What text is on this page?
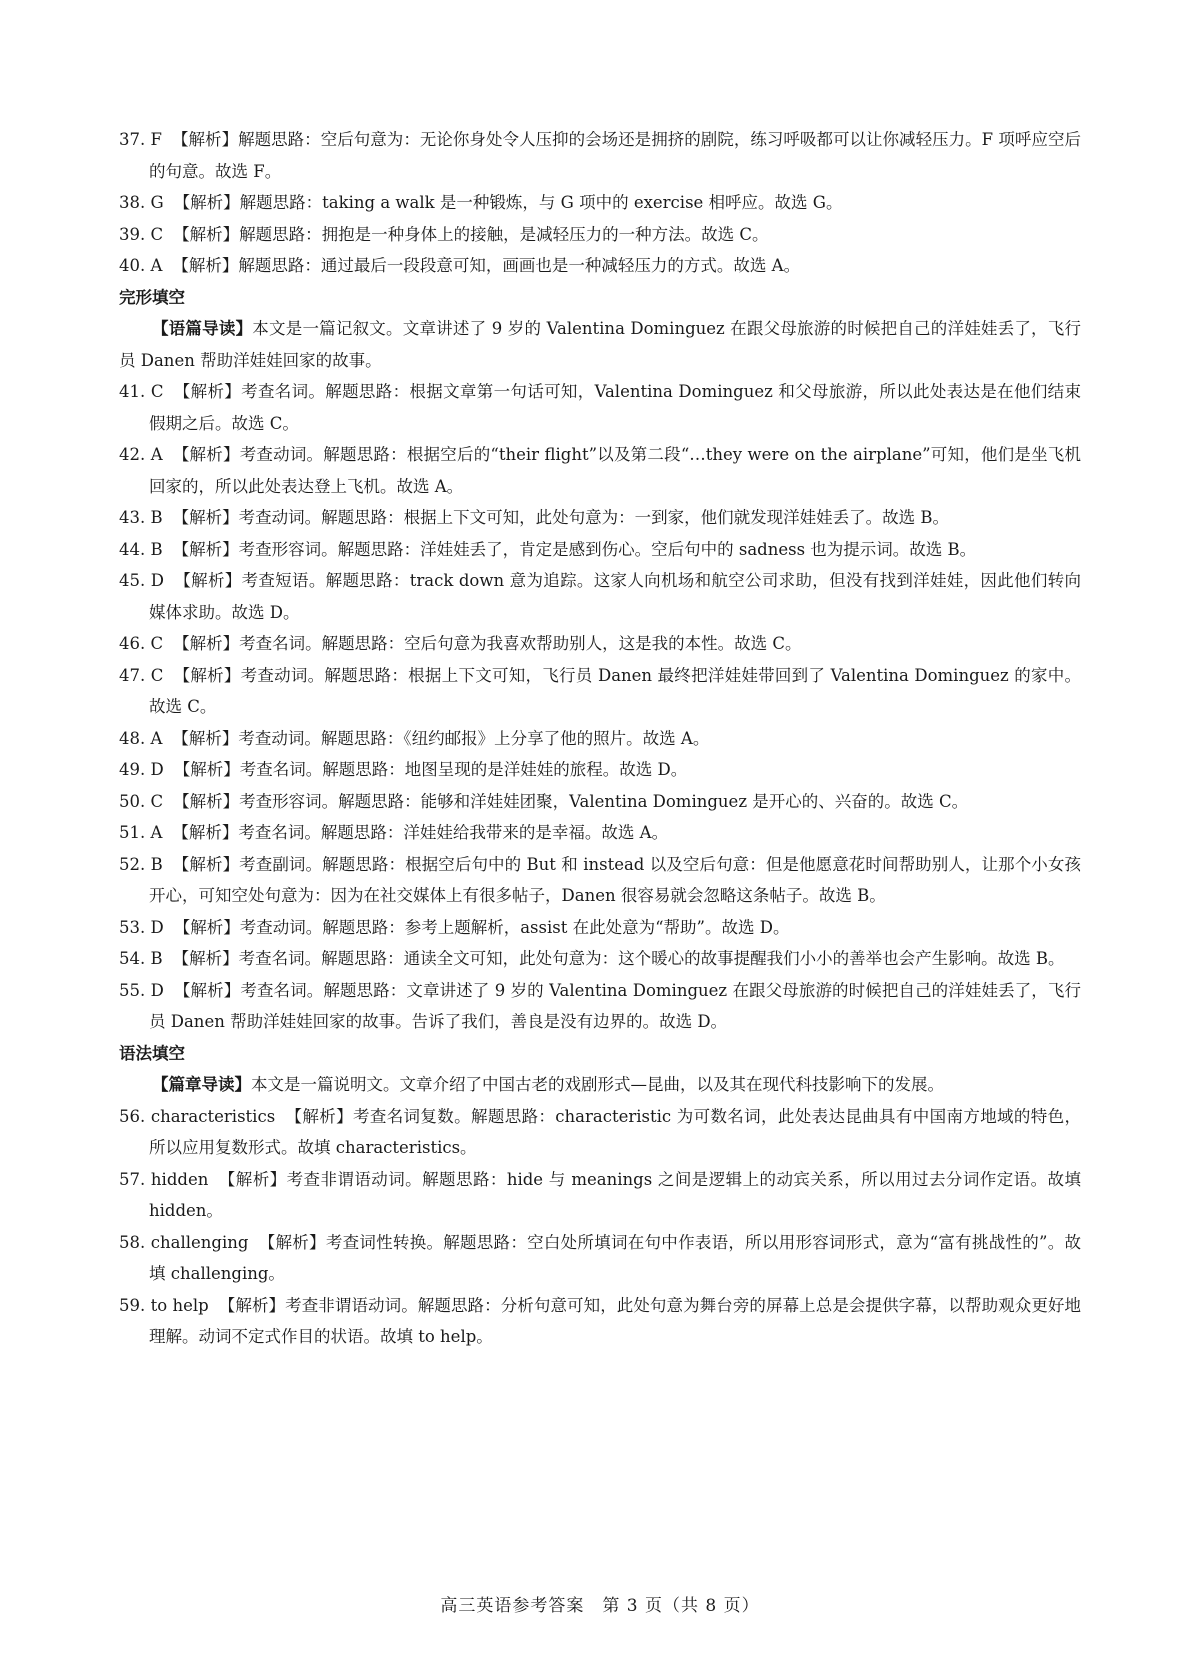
37. F 【解析】解题思路：空后句意为：无论你身处令人压抑的会场还是拥挤的剧院，练习呼吸都可以让你减轻压力。F 项呼应空后的句意。故选 F。
38. G 【解析】解题思路：taking a walk 是一种锻炼，与 G 项中的 exercise 相呼应。故选 G。
39. C 【解析】解题思路：拥抱是一种身体上的接触，是减轻压力的一种方法。故选 C。
40. A 【解析】解题思路：通过最后一段段意可知，画画也是一种减轻压力的方式。故选 A。
完形填空
【语篇导读】本文是一篇记叙文。文章讲述了 9 岁的 Valentina Dominguez 在跟父母旅游的时候把自己的洋娃娃丢了，飞行员 Danen 帮助洋娃娃回家的故事。
41. C 【解析】考查名词。解题思路：根据文章第一句话可知，Valentina Dominguez 和父母旅游，所以此处表达是在他们结束假期之后。故选 C。
42. A 【解析】考查动词。解题思路：根据空后的“their flight”以及第二段“…they were on the airplane”可知，他们是坐飞机回家的，所以此处表达登上飞机。故选 A。
43. B 【解析】考查动词。解题思路：根据上下文可知，此处句意为：一到家，他们就发现洋娃娃丢了。故选 B。
44. B 【解析】考查形容词。解题思路：洋娃娃丢了，肯定是感到伤心。空后句中的 sadness 也为提示词。故选 B。
45. D 【解析】考查短语。解题思路：track down 意为追踪。这家人向机场和航空公司求助，但没有找到洋娃娃，因此他们转向媒体求助。故选 D。
46. C 【解析】考查名词。解题思路：空后句意为我喜欢帮助别人，这是我的本性。故选 C。
47. C 【解析】考查动词。解题思路：根据上下文可知，飞行员 Danen 最终把洋娃娃带回到了 Valentina Dominguez 的家中。故选 C。
48. A 【解析】考查动词。解题思路：《纽约邮报》上分享了他的照片。故选 A。
49. D 【解析】考查名词。解题思路：地图呈现的是洋娃娃的旅程。故选 D。
50. C 【解析】考查形容词。解题思路：能够和洋娃娃团聚，Valentina Dominguez 是开心的、兴奋的。故选 C。
51. A 【解析】考查名词。解题思路：洋娃娃给我带来的是幸福。故选 A。
52. B 【解析】考查副词。解题思路：根据空后句中的 But 和 instead 以及空后句意：但是他愿意花时间帮助别人，让那个小女孩开心，可知空处句意为：因为在社交媒体上有很多帖子，Danen 很容易就会忽略这条帖子。故选 B。
53. D 【解析】考查动词。解题思路：参考上题解析，assist 在此处意为“帮助”。故选 D。
54. B 【解析】考查名词。解题思路：通读全文可知，此处句意为：这个暖心的故事提醒我们小小的善举也会产生影响。故选 B。
55. D 【解析】考查名词。解题思路：文章讲述了 9 岁的 Valentina Dominguez 在跟父母旅游的时候把自己的洋娃娃丢了，飞行员 Danen 帮助洋娃娃回家的故事。告诉了我们，善良是没有边界的。故选 D。
语法填空
【篇章导读】本文是一篇说明文。文章介绍了中国古老的戏剧形式—昆曲，以及其在现代科技影响下的发展。
56. characteristics 【解析】考查名词复数。解题思路：characteristic 为可数名词，此处表达昆曲具有中国南方地域的特色，所以应用复数形式。故填 characteristics。
57. hidden 【解析】考查非谓语动词。解题思路：hide 与 meanings 之间是逻辑上的动宾关系，所以用过去分词作定语。故填 hidden。
58. challenging 【解析】考查词性转换。解题思路：空白处所填词在句中作表语，所以用形容词形式，意为“富有挑战性的”。故填 challenging。
59. to help 【解析】考查非谓语动词。解题思路：分析句意可知，此处句意为舞台旁的屏幕上总是会提供字幕，以帮助观众更好地理解。动词不定式作目的状语。故填 to help。
高三英语参考答案　第 3 页（共 8 页）
